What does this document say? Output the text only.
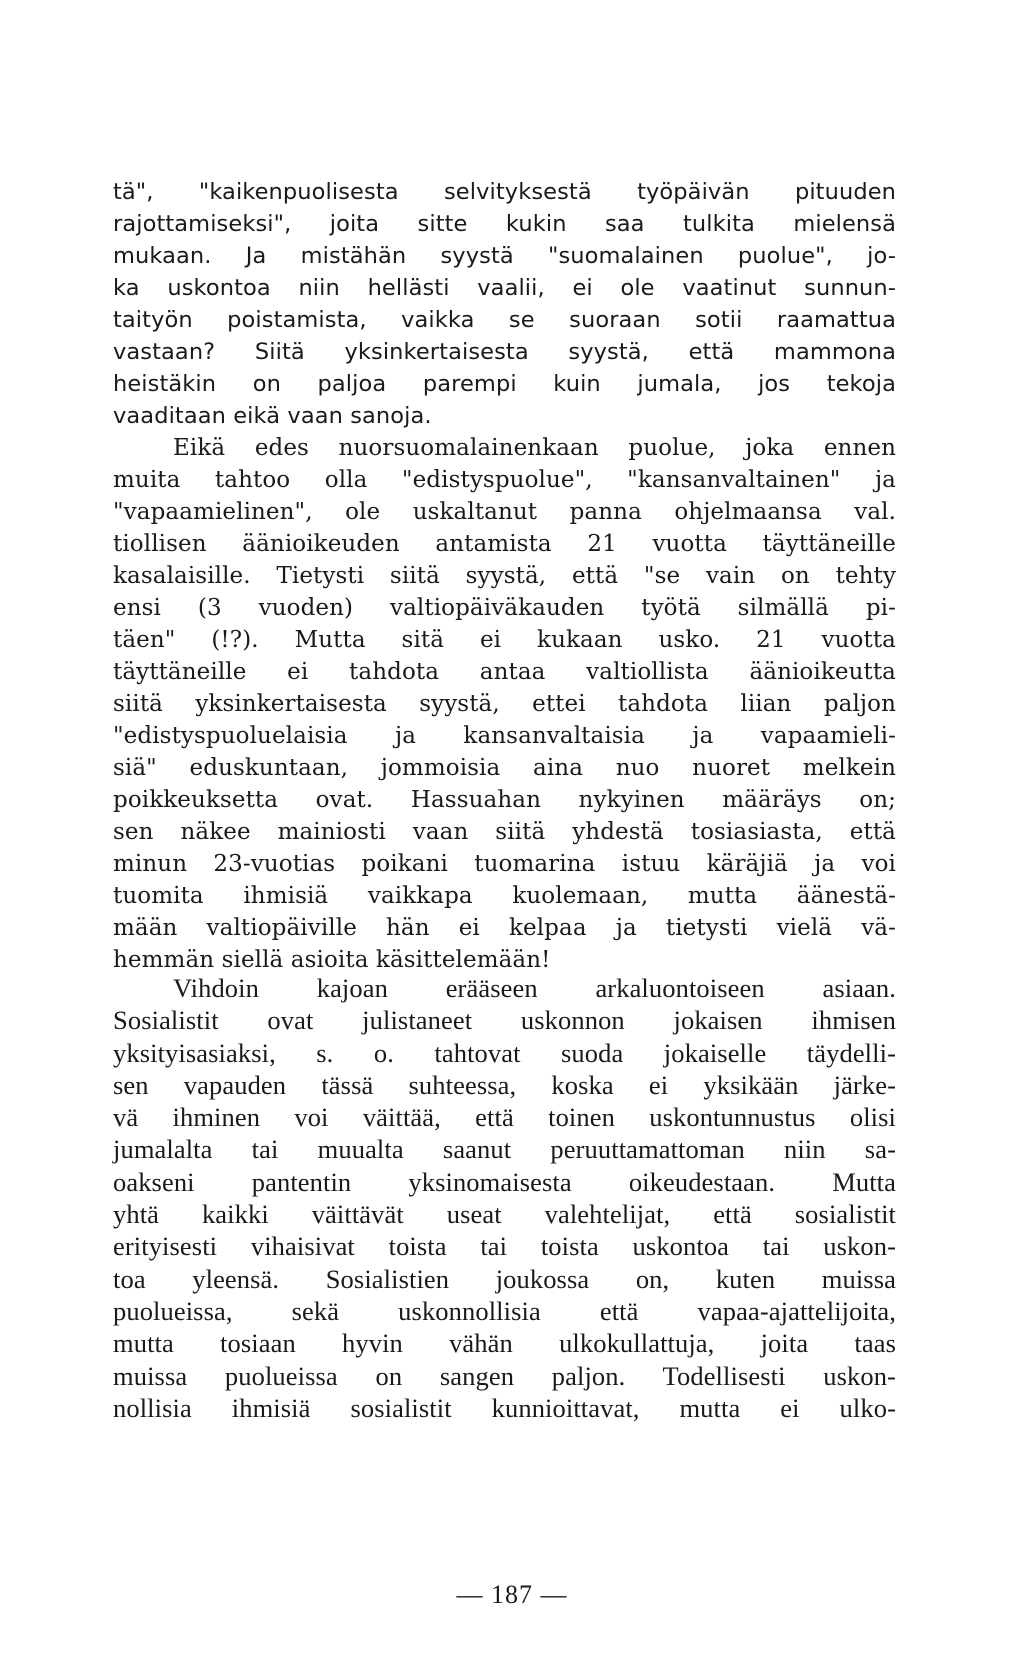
tä", "kaikenpuolisesta selvityksestä työpäivän pituuden
rajottamiseksi", joita sitte kukin saa tulkita mielensä
mukaan. Ja mistähän syystä "suomalainen puolue", jo-
ka uskontoa niin hellästi vaalii, ei ole vaatinut sunnun-
taityön poistamista, vaikka se suoraan sotii raamattua
vastaan? Siitä yksinkertaisesta syystä, että mammona
heistäkin on paljoa parempi kuin jumala, jos tekoja
vaaditaan eikä vaan sanoja.
Eikä edes nuorsuomalainenkaan puolue, joka ennen
muita tahtoo olla "edistyspuolue", "kansanvaltainen" ja
"vapaamielinen", ole uskaltanut panna ohjelmaansa val.
tiollisen äänioikeuden antamista 21 vuotta täyttäneille
kasalaisille. Tietysti siitä syystä, että "se vain on tehty
ensi (3 vuoden) valtiopäiväkauden työtä silmällä pi-
täen" (!?). Mutta sitä ei kukaan usko. 21 vuotta
täyttäneille ei tahdota antaa valtiollista äänioikeutta
siitä yksinkertaisesta syystä, ettei tahdota liian paljon
"edistyspuoluelaisia ja kansanvaltaisia ja vapaamieli-
siä" eduskuntaan, jommoisia aina nuo nuoret melkein
poikkeuksetta ovat. Hassuahan nykyinen määräys on;
sen näkee mainiosti vaan siitä yhdestä tosiasiasta, että
minun 23-vuotias poikani tuomarina istuu käräjiä ja voi
tuomita ihmisiä vaikkapa kuolemaan, mutta äänestä-
mään valtiopäiville hän ei kelpaa ja tietysti vielä vä-
hemmän siellä asioita käsittelemään!
Vihdoin kajoan erääseen arkaluontoiseen asiaan.
Sosialistit ovat julistaneet uskonnon jokaisen ihmisen
yksityisasiaksi, s. o. tahtovat suoda jokaiselle täydelli-
sen vapauden tässä suhteessa, koska ei yksikään järke-
vä ihminen voi väittää, että toinen uskontunnustus olisi
jumalalta tai muualta saanut peruuttamattoman niin sa-
oakseni pantentin yksinomaisesta oikeudestaan. Mutta
yhtä kaikki väittävät useat valehtelijat, että sosialistit
erityisesti vihaisivat toista tai toista uskontoa tai uskon-
toa yleensä. Sosialistien joukossa on, kuten muissa
puolueissa, sekä uskonnollisia että vapaa-ajattelijoita,
mutta tosiaan hyvin vähän ulkokullattuja, joita taas
muissa puolueissa on sangen paljon. Todellisesti uskon-
nollisia ihmisiä sosialistit kunnioittavat, mutta ei ulko-
— 187 —
